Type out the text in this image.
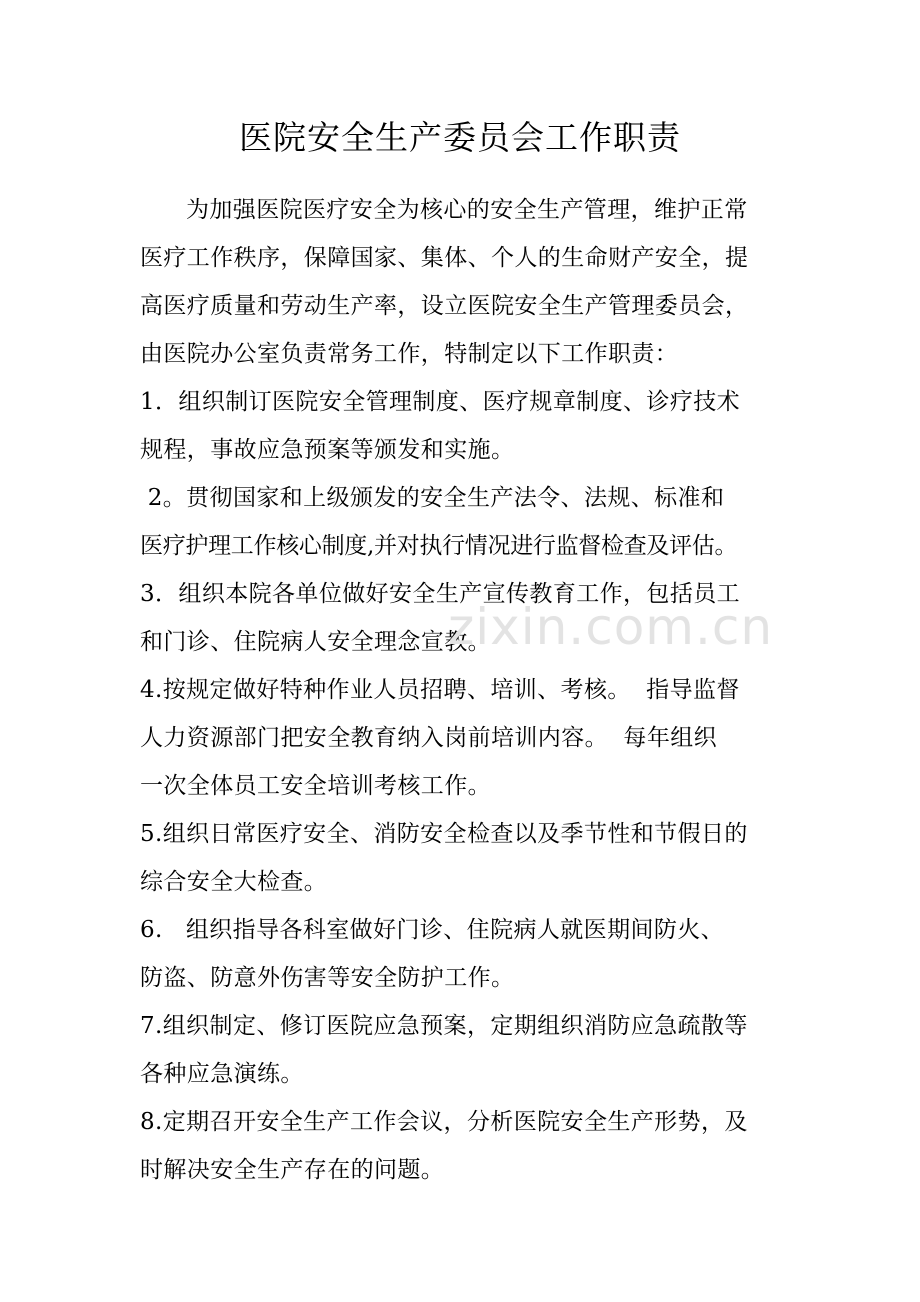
医院安全生产委员会工作职责
为加强医院医疗安全为核心的安全生产管理，维护正常
医疗工作秩序，保障国家、集体、个人的生命财产安全，提
高医疗质量和劳动生产率，设立医院安全生产管理委员会，
由医院办公室负责常务工作，特制定以下工作职责：
1．组织制订医院安全管理制度、医疗规章制度、诊疗技术
规程，事故应急预案等颁发和实施。
2。贯彻国家和上级颁发的安全生产法令、法规、标准和
医疗护理工作核心制度,并对执行情况进行监督检查及评估。
3．组织本院各单位做好安全生产宣传教育工作，包括员工
和门诊、住院病人安全理念宣教。
4.按规定做好特种作业人员招聘、培训、考核。  指导监督
人力资源部门把安全教育纳入岗前培训内容。  每年组织
一次全体员工安全培训考核工作。
5.组织日常医疗安全、消防安全检查以及季节性和节假日的
综合安全大检查。
6.   组织指导各科室做好门诊、住院病人就医期间防火、
防盗、防意外伤害等安全防护工作。
7.组织制定、修订医院应急预案，定期组织消防应急疏散等
各种应急演练。
8.定期召开安全生产工作会议，分析医院安全生产形势，及
时解决安全生产存在的问题。
zixin.com.cn
